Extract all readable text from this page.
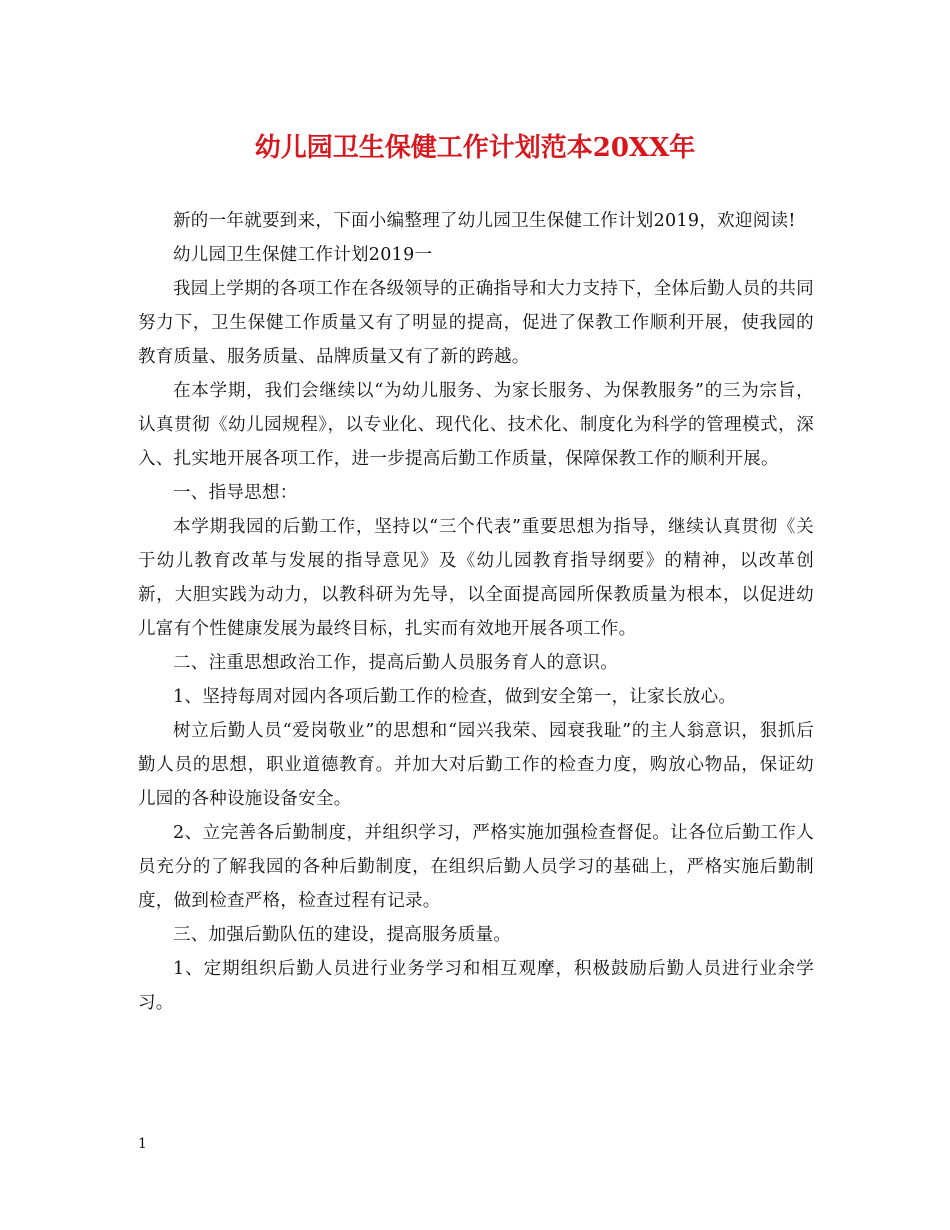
幼儿园卫生保健工作计划范本20XX年

新的一年就要到来，下面小编整理了幼儿园卫生保健工作计划2019，欢迎阅读!

幼儿园卫生保健工作计划2019一

我园上学期的各项工作在各级领导的正确指导和大力支持下，全体后勤人员的共同努力下，卫生保健工作质量又有了明显的提高，促进了保教工作顺利开展，使我园的教育质量、服务质量、品牌质量又有了新的跨越。

在本学期，我们会继续以“为幼儿服务、为家长服务、为保教服务”的三为宗旨，认真贯彻《幼儿园规程》，以专业化、现代化、技术化、制度化为科学的管理模式，深入、扎实地开展各项工作，进一步提高后勤工作质量，保障保教工作的顺利开展。

一、指导思想：

本学期我园的后勤工作，坚持以“三个代表”重要思想为指导，继续认真贯彻《关于幼儿教育改革与发展的指导意见》及《幼儿园教育指导纲要》的精神，以改革创新，大胆实践为动力，以教科研为先导，以全面提高园所保教质量为根本，以促进幼儿富有个性健康发展为最终目标，扎实而有效地开展各项工作。

二、注重思想政治工作，提高后勤人员服务育人的意识。

1、坚持每周对园内各项后勤工作的检查，做到安全第一，让家长放心。

树立后勤人员“爱岗敬业”的思想和“园兴我荣、园衰我耻”的主人翁意识，狠抓后勤人员的思想，职业道德教育。并加大对后勤工作的检查力度，购放心物品，保证幼儿园的各种设施设备安全。

2、立完善各后勤制度，并组织学习，严格实施加强检查督促。让各位后勤工作人员充分的了解我园的各种后勤制度，在组织后勤人员学习的基础上，严格实施后勤制度，做到检查严格，检查过程有记录。

三、加强后勤队伍的建设，提高服务质量。

1、定期组织后勤人员进行业务学习和相互观摩，积极鼓励后勤人员进行业余学习。

1
